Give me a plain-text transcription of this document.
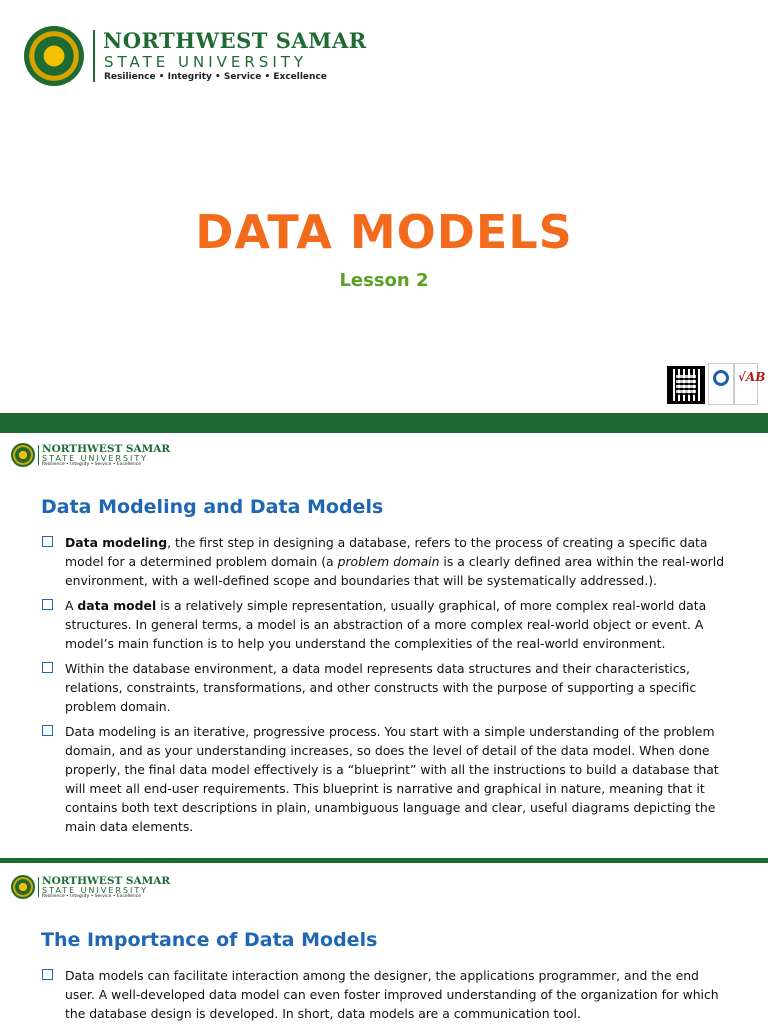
NORTHWEST SAMAR
STATE UNIVERSITY
Resilience • Integrity • Service • Excellence
DATA MODELS
Lesson 2
√AB
NORTHWEST SAMAR
STATE UNIVERSITY
Resilience • Integrity • Service • Excellence
Data Modeling and Data Models
Data modeling, the first step in designing a database, refers to the process of creating a specific data model for a determined problem domain (a problem domain is a clearly defined area within the real-world environment, with a well-defined scope and boundaries that will be systematically addressed.).
A data model is a relatively simple representation, usually graphical, of more complex real-world data structures. In general terms, a model is an abstraction of a more complex real-world object or event. A model’s main function is to help you understand the complexities of the real-world environment.
Within the database environment, a data model represents data structures and their characteristics, relations, constraints, transformations, and other constructs with the purpose of supporting a specific problem domain.
Data modeling is an iterative, progressive process. You start with a simple understanding of the problem domain, and as your understanding increases, so does the level of detail of the data model. When done properly, the final data model effectively is a “blueprint” with all the instructions to build a database that will meet all end-user requirements. This blueprint is narrative and graphical in nature, meaning that it contains both text descriptions in plain, unambiguous language and clear, useful diagrams depicting the main data elements.
NORTHWEST SAMAR
STATE UNIVERSITY
Resilience • Integrity • Service • Excellence
The Importance of Data Models
Data models can facilitate interaction among the designer, the applications programmer, and the end user. A well-developed data model can even foster improved understanding of the organization for which the database design is developed. In short, data models are a communication tool.
